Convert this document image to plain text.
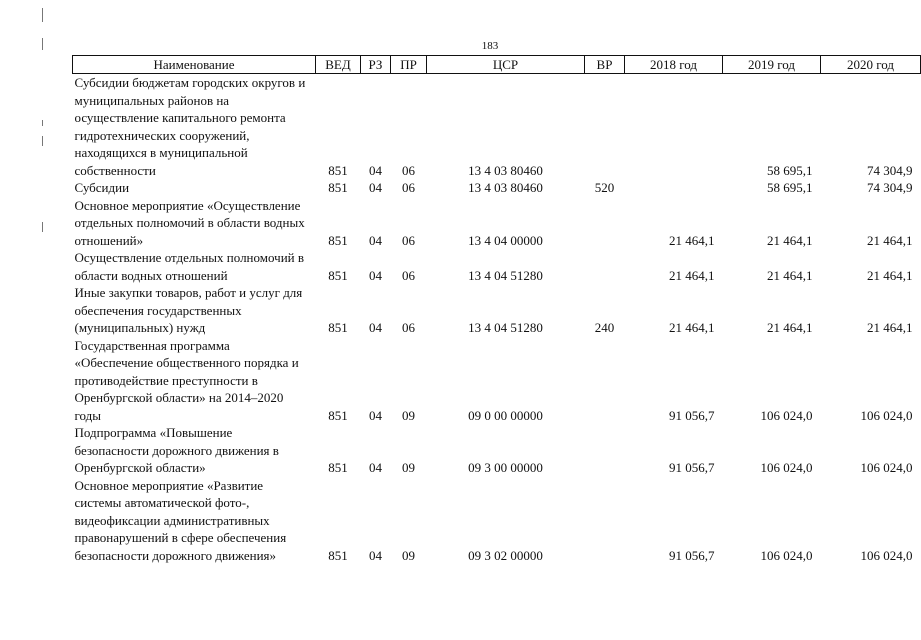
183
Наименование	ВЕД	РЗ	ПР	ЦСР	ВР	2018 год	2019 год	2020 год
Субсидии бюджетам городских округов и муниципальных районов на осуществление капитального ремонта гидротехнических сооружений, находящихся в муниципальной собственности	851	04	06	13 4 03 80460			58 695,1	74 304,9
Субсидии	851	04	06	13 4 03 80460	520		58 695,1	74 304,9
Основное мероприятие «Осуществление отдельных полномочий в области водных отношений»	851	04	06	13 4 04 00000		21 464,1	21 464,1	21 464,1
Осуществление отдельных полномочий в области водных отношений	851	04	06	13 4 04 51280		21 464,1	21 464,1	21 464,1
Иные закупки товаров, работ и услуг для обеспечения государственных (муниципальных) нужд	851	04	06	13 4 04 51280	240	21 464,1	21 464,1	21 464,1
Государственная программа «Обеспечение общественного порядка и противодействие преступности в Оренбургской области» на 2014–2020 годы	851	04	09	09 0 00 00000		91 056,7	106 024,0	106 024,0
Подпрограмма «Повышение безопасности дорожного движения в Оренбургской области»	851	04	09	09 3 00 00000		91 056,7	106 024,0	106 024,0
Основное мероприятие «Развитие системы автоматической фото-, видеофиксации административных правонарушений в сфере обеспечения безопасности дорожного движения»	851	04	09	09 3 02 00000		91 056,7	106 024,0	106 024,0
